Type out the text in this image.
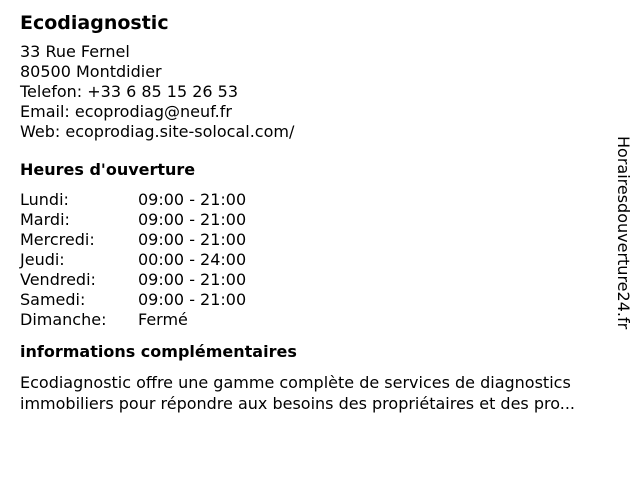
Ecodiagnostic
33 Rue Fernel
80500 Montdidier
Telefon: +33 6 85 15 26 53
Email: ecoprodiag@neuf.fr
Web: ecoprodiag.site-solocal.com/
Heures d'ouverture
Lundi:	09:00 - 21:00
Mardi:	09:00 - 21:00
Mercredi:	09:00 - 21:00
Jeudi:	00:00 - 24:00
Vendredi:	09:00 - 21:00
Samedi:	09:00 - 21:00
Dimanche:	Fermé
informations complémentaires
Ecodiagnostic offre une gamme complète de services de diagnostics
immobiliers pour répondre aux besoins des propriétaires et des pro...
Horairesdouverture24.fr
